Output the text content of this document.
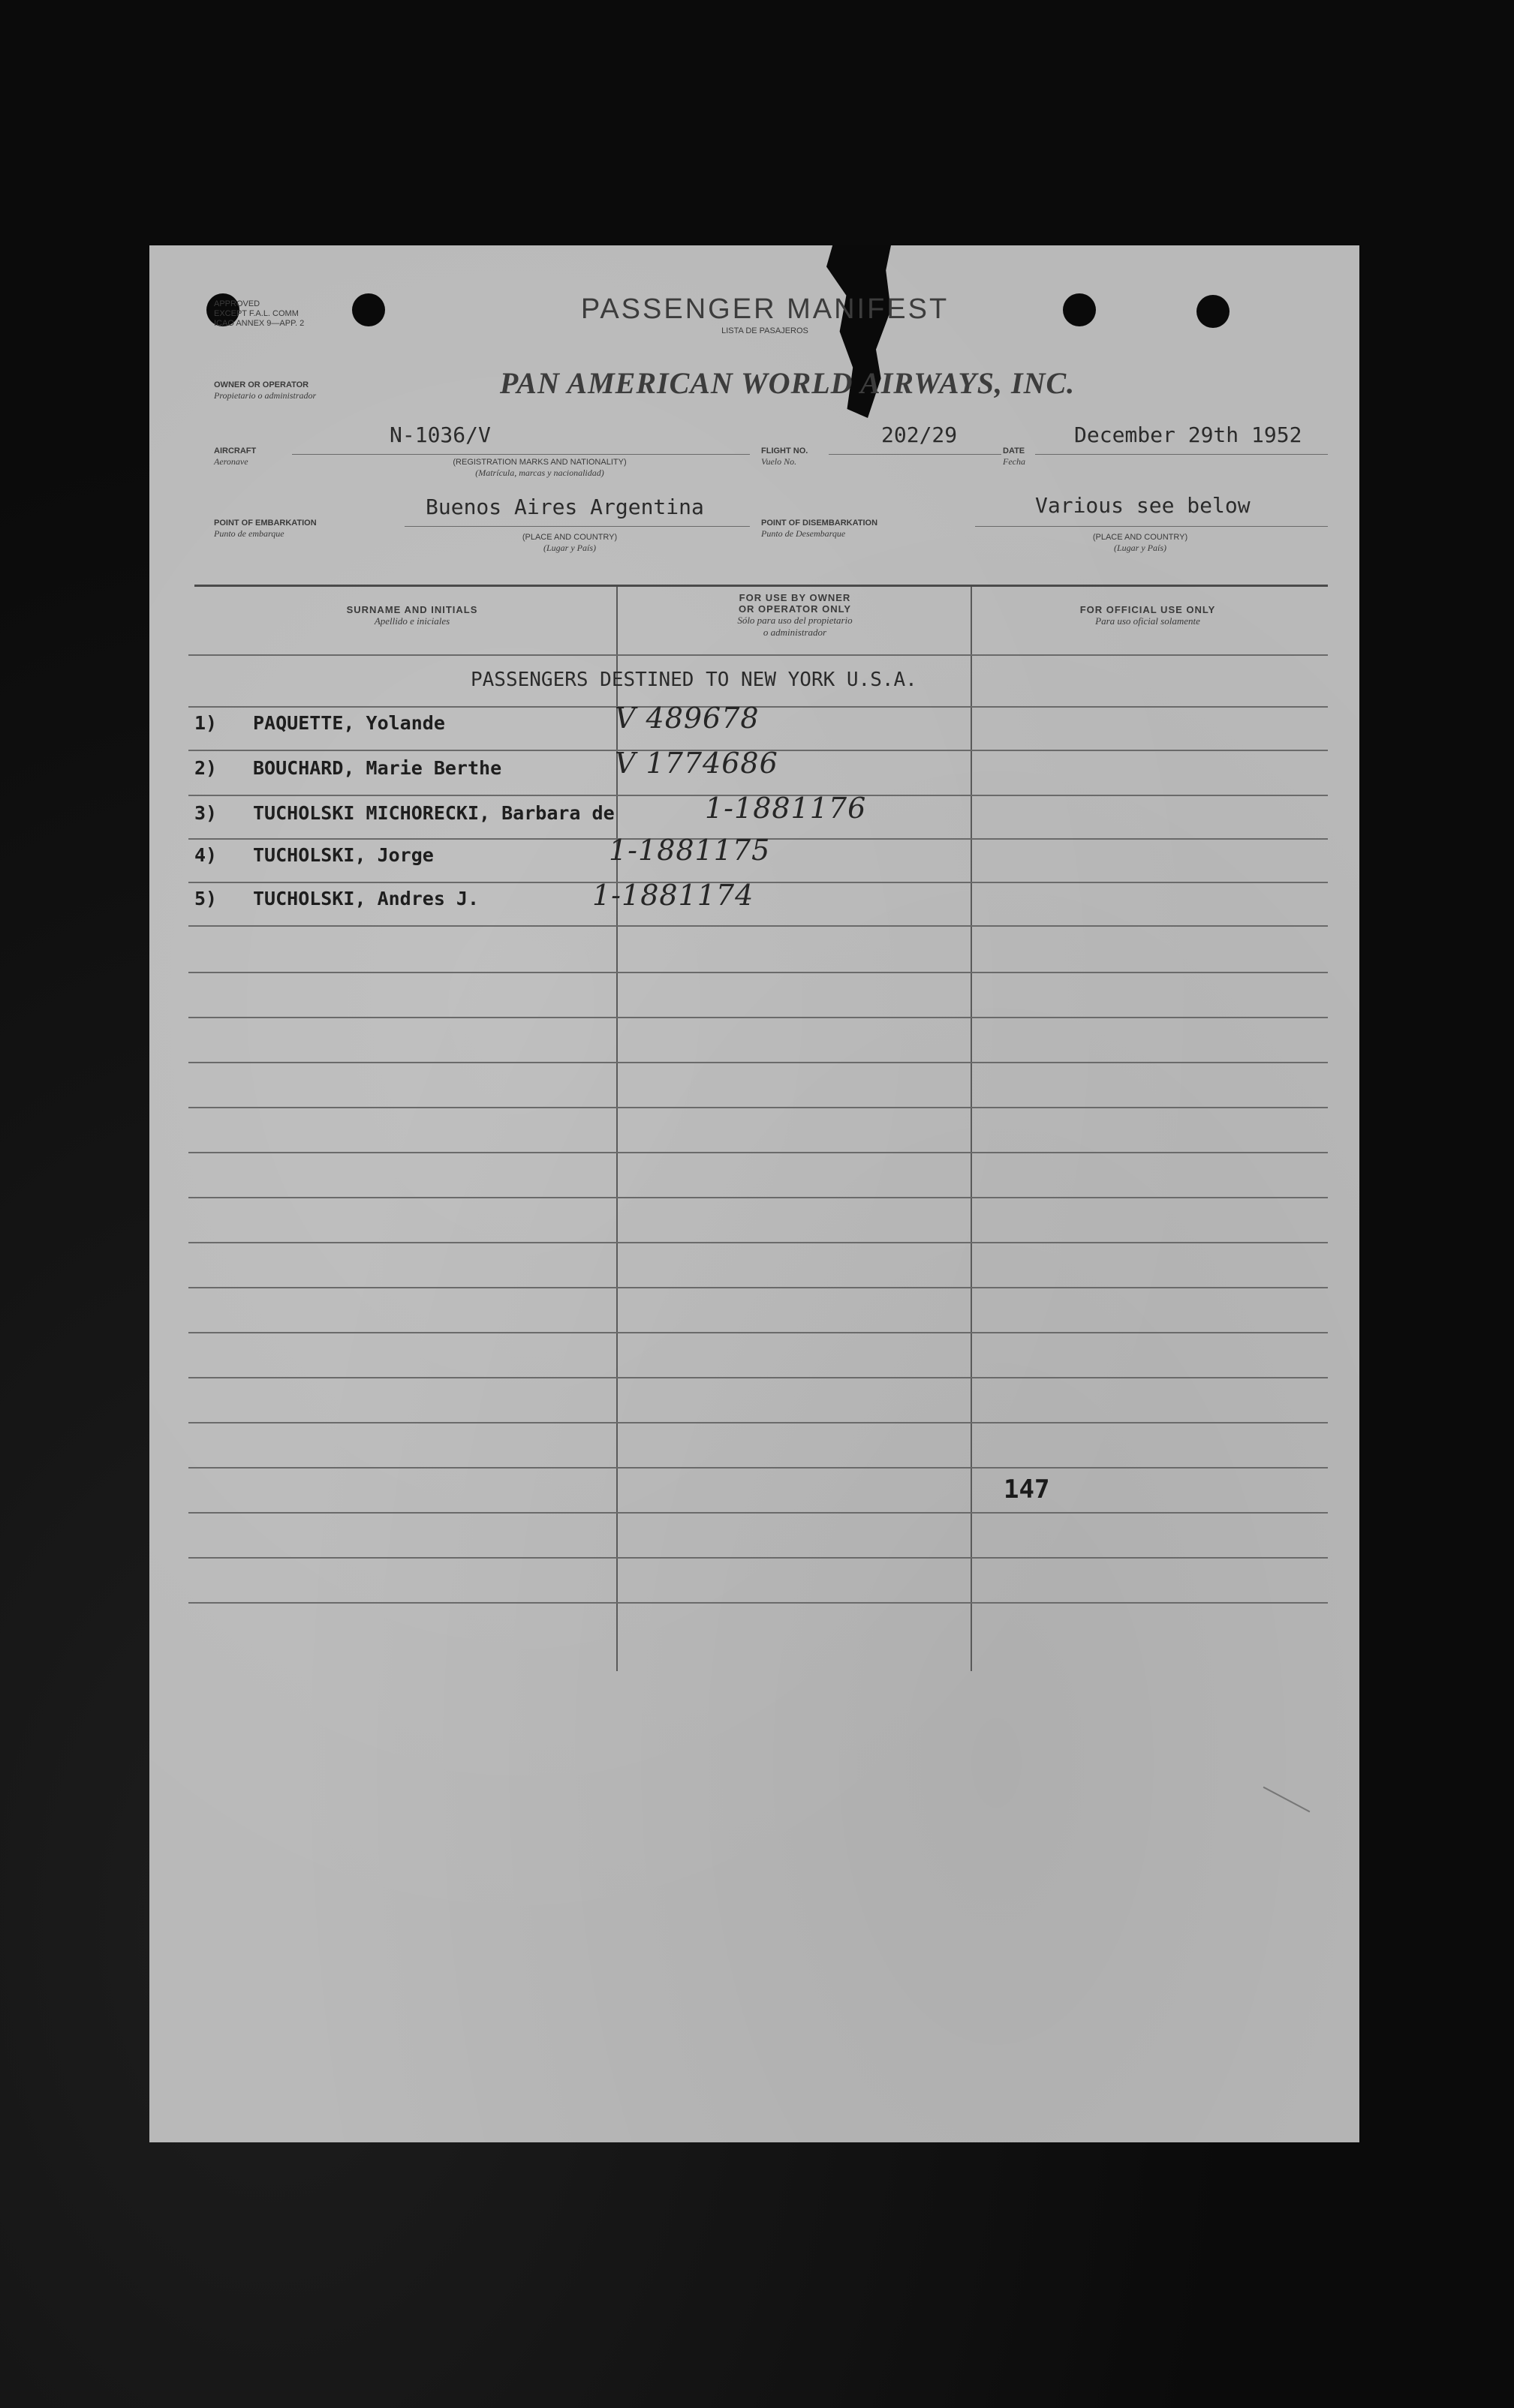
APPROVED
EXCEPT F.A.L. COMM
ICAO ANNEX 9—APP. 2	PASSENGER MANIFEST
LISTA DE PASAJEROS
OWNER OR OPERATOR
Propietario o administrador	PAN AMERICAN WORLD AIRWAYS, INC.
AIRCRAFT
Aeronave
N-1036/V
(REGISTRATION MARKS AND NATIONALITY)
(Matrícula, marcas y nacionalidad)
FLIGHT NO.
Vuelo No.
202/29
DATE
Fecha
December 29th 1952
POINT OF EMBARKATION
Punto de embarque
Buenos Aires Argentina
(PLACE AND COUNTRY)
(Lugar y País)
POINT OF DISEMBARKATION
Punto de Desembarque
Various see below
(PLACE AND COUNTRY)
(Lugar y País)
SURNAME AND INITIALS
Apellido e iniciales
FOR USE BY OWNER
OR OPERATOR ONLY
Sólo para uso del propietario
o administrador
FOR OFFICIAL USE ONLY
Para uso oficial solamente
PASSENGERS DESTINED TO NEW YORK U.S.A.
1) PAQUETTE, Yolande	V 489678
2) BOUCHARD, Marie Berthe	V 1774686
3) TUCHOLSKI MICHORECKI, Barbara de	1-1881176
4) TUCHOLSKI, Jorge	1-1881175
5) TUCHOLSKI, Andres J.	1-1881174
147
